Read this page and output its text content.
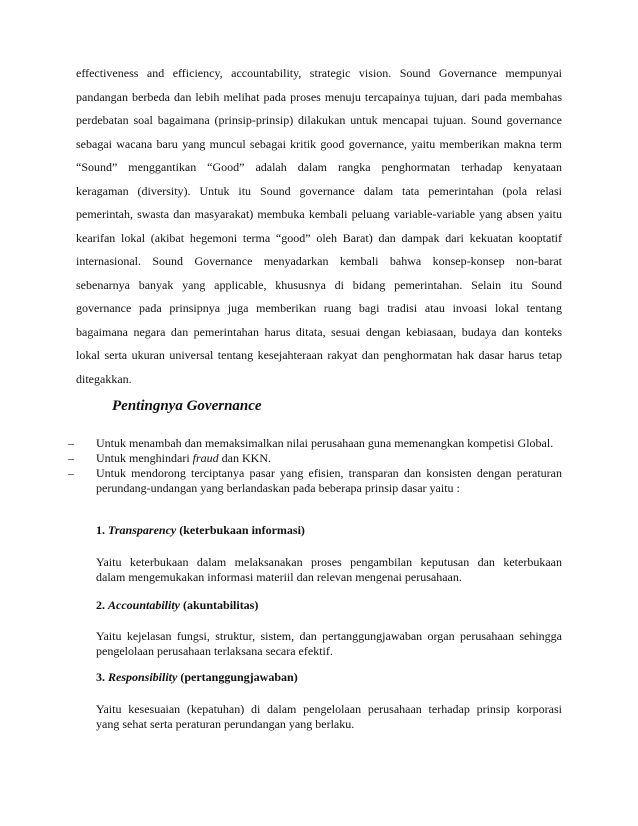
effectiveness and efficiency, accountability, strategic vision. Sound Governance mempunyai
pandangan berbeda dan lebih melihat pada proses menuju tercapainya tujuan, dari pada membahas
perdebatan soal bagaimana (prinsip-prinsip) dilakukan untuk mencapai tujuan. Sound governance
sebagai wacana baru yang muncul sebagai kritik good governance, yaitu memberikan makna term
“Sound” menggantikan “Good” adalah dalam rangka penghormatan terhadap kenyataan
keragaman (diversity). Untuk itu Sound governance dalam tata pemerintahan (pola relasi
pemerintah, swasta dan masyarakat) membuka kembali peluang variable-variable yang absen yaitu
kearifan lokal (akibat hegemoni terma “good” oleh Barat) dan dampak dari kekuatan kooptatif
internasional. Sound Governance menyadarkan kembali bahwa konsep-konsep non-barat
sebenarnya banyak yang applicable, khususnya di bidang pemerintahan. Selain itu Sound
governance pada prinsipnya juga memberikan ruang bagi tradisi atau invoasi lokal tentang
bagaimana negara dan pemerintahan harus ditata, sesuai dengan kebiasaan, budaya dan konteks
lokal serta ukuran universal tentang kesejahteraan rakyat dan penghormatan hak dasar harus tetap
ditegakkan.

Pentingnya Governance
– Untuk menambah dan memaksimalkan nilai perusahaan guna memenangkan kompetisi Global.
– Untuk menghindari fraud dan KKN.
– Untuk mendorong terciptanya pasar yang efisien, transparan dan konsisten dengan peraturan perundang-undangan yang berlandaskan pada beberapa prinsip dasar yaitu :

1. Transparency (keterbukaan informasi)

Yaitu keterbukaan dalam melaksanakan proses pengambilan keputusan dan keterbukaan
dalam mengemukakan informasi materiil dan relevan mengenai perusahaan.

2. Accountability (akuntabilitas)

Yaitu kejelasan fungsi, struktur, sistem, dan pertanggungjawaban organ perusahaan sehingga
pengelolaan perusahaan terlaksana secara efektif.

3. Responsibility (pertanggungjawaban)

Yaitu kesesuaian (kepatuhan) di dalam pengelolaan perusahaan terhadap prinsip korporasi
yang sehat serta peraturan perundangan yang berlaku.
